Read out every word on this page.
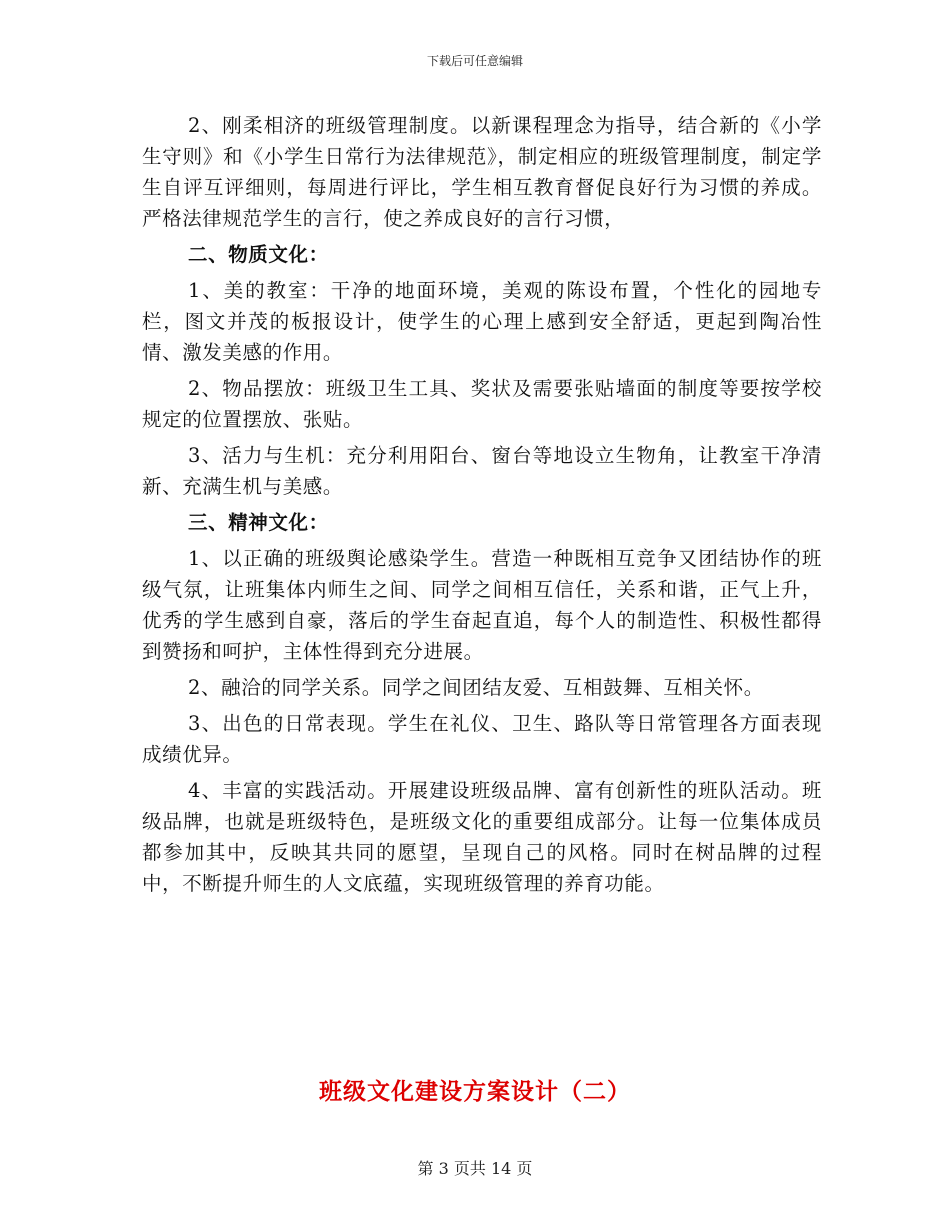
下载后可任意编辑

2、刚柔相济的班级管理制度。以新课程理念为指导，结合新的《小学生守则》和《小学生日常行为法律规范》，制定相应的班级管理制度，制定学生自评互评细则，每周进行评比，学生相互教育督促良好行为习惯的养成。严格法律规范学生的言行，使之养成良好的言行习惯，

二、物质文化：

1、美的教室：干净的地面环境，美观的陈设布置，个性化的园地专栏，图文并茂的板报设计，使学生的心理上感到安全舒适，更起到陶冶性情、激发美感的作用。

2、物品摆放：班级卫生工具、奖状及需要张贴墙面的制度等要按学校规定的位置摆放、张贴。

3、活力与生机：充分利用阳台、窗台等地设立生物角，让教室干净清新、充满生机与美感。

三、精神文化：

1、以正确的班级舆论感染学生。营造一种既相互竞争又团结协作的班级气氛，让班集体内师生之间、同学之间相互信任，关系和谐，正气上升，优秀的学生感到自豪，落后的学生奋起直追，每个人的制造性、积极性都得到赞扬和呵护，主体性得到充分进展。

2、融洽的同学关系。同学之间团结友爱、互相鼓舞、互相关怀。

3、出色的日常表现。学生在礼仪、卫生、路队等日常管理各方面表现成绩优异。

4、丰富的实践活动。开展建设班级品牌、富有创新性的班队活动。班级品牌，也就是班级特色，是班级文化的重要组成部分。让每一位集体成员都参加其中，反映其共同的愿望，呈现自己的风格。同时在树品牌的过程中，不断提升师生的人文底蕴，实现班级管理的养育功能。

班级文化建设方案设计（二）
第 3 页共 14 页
